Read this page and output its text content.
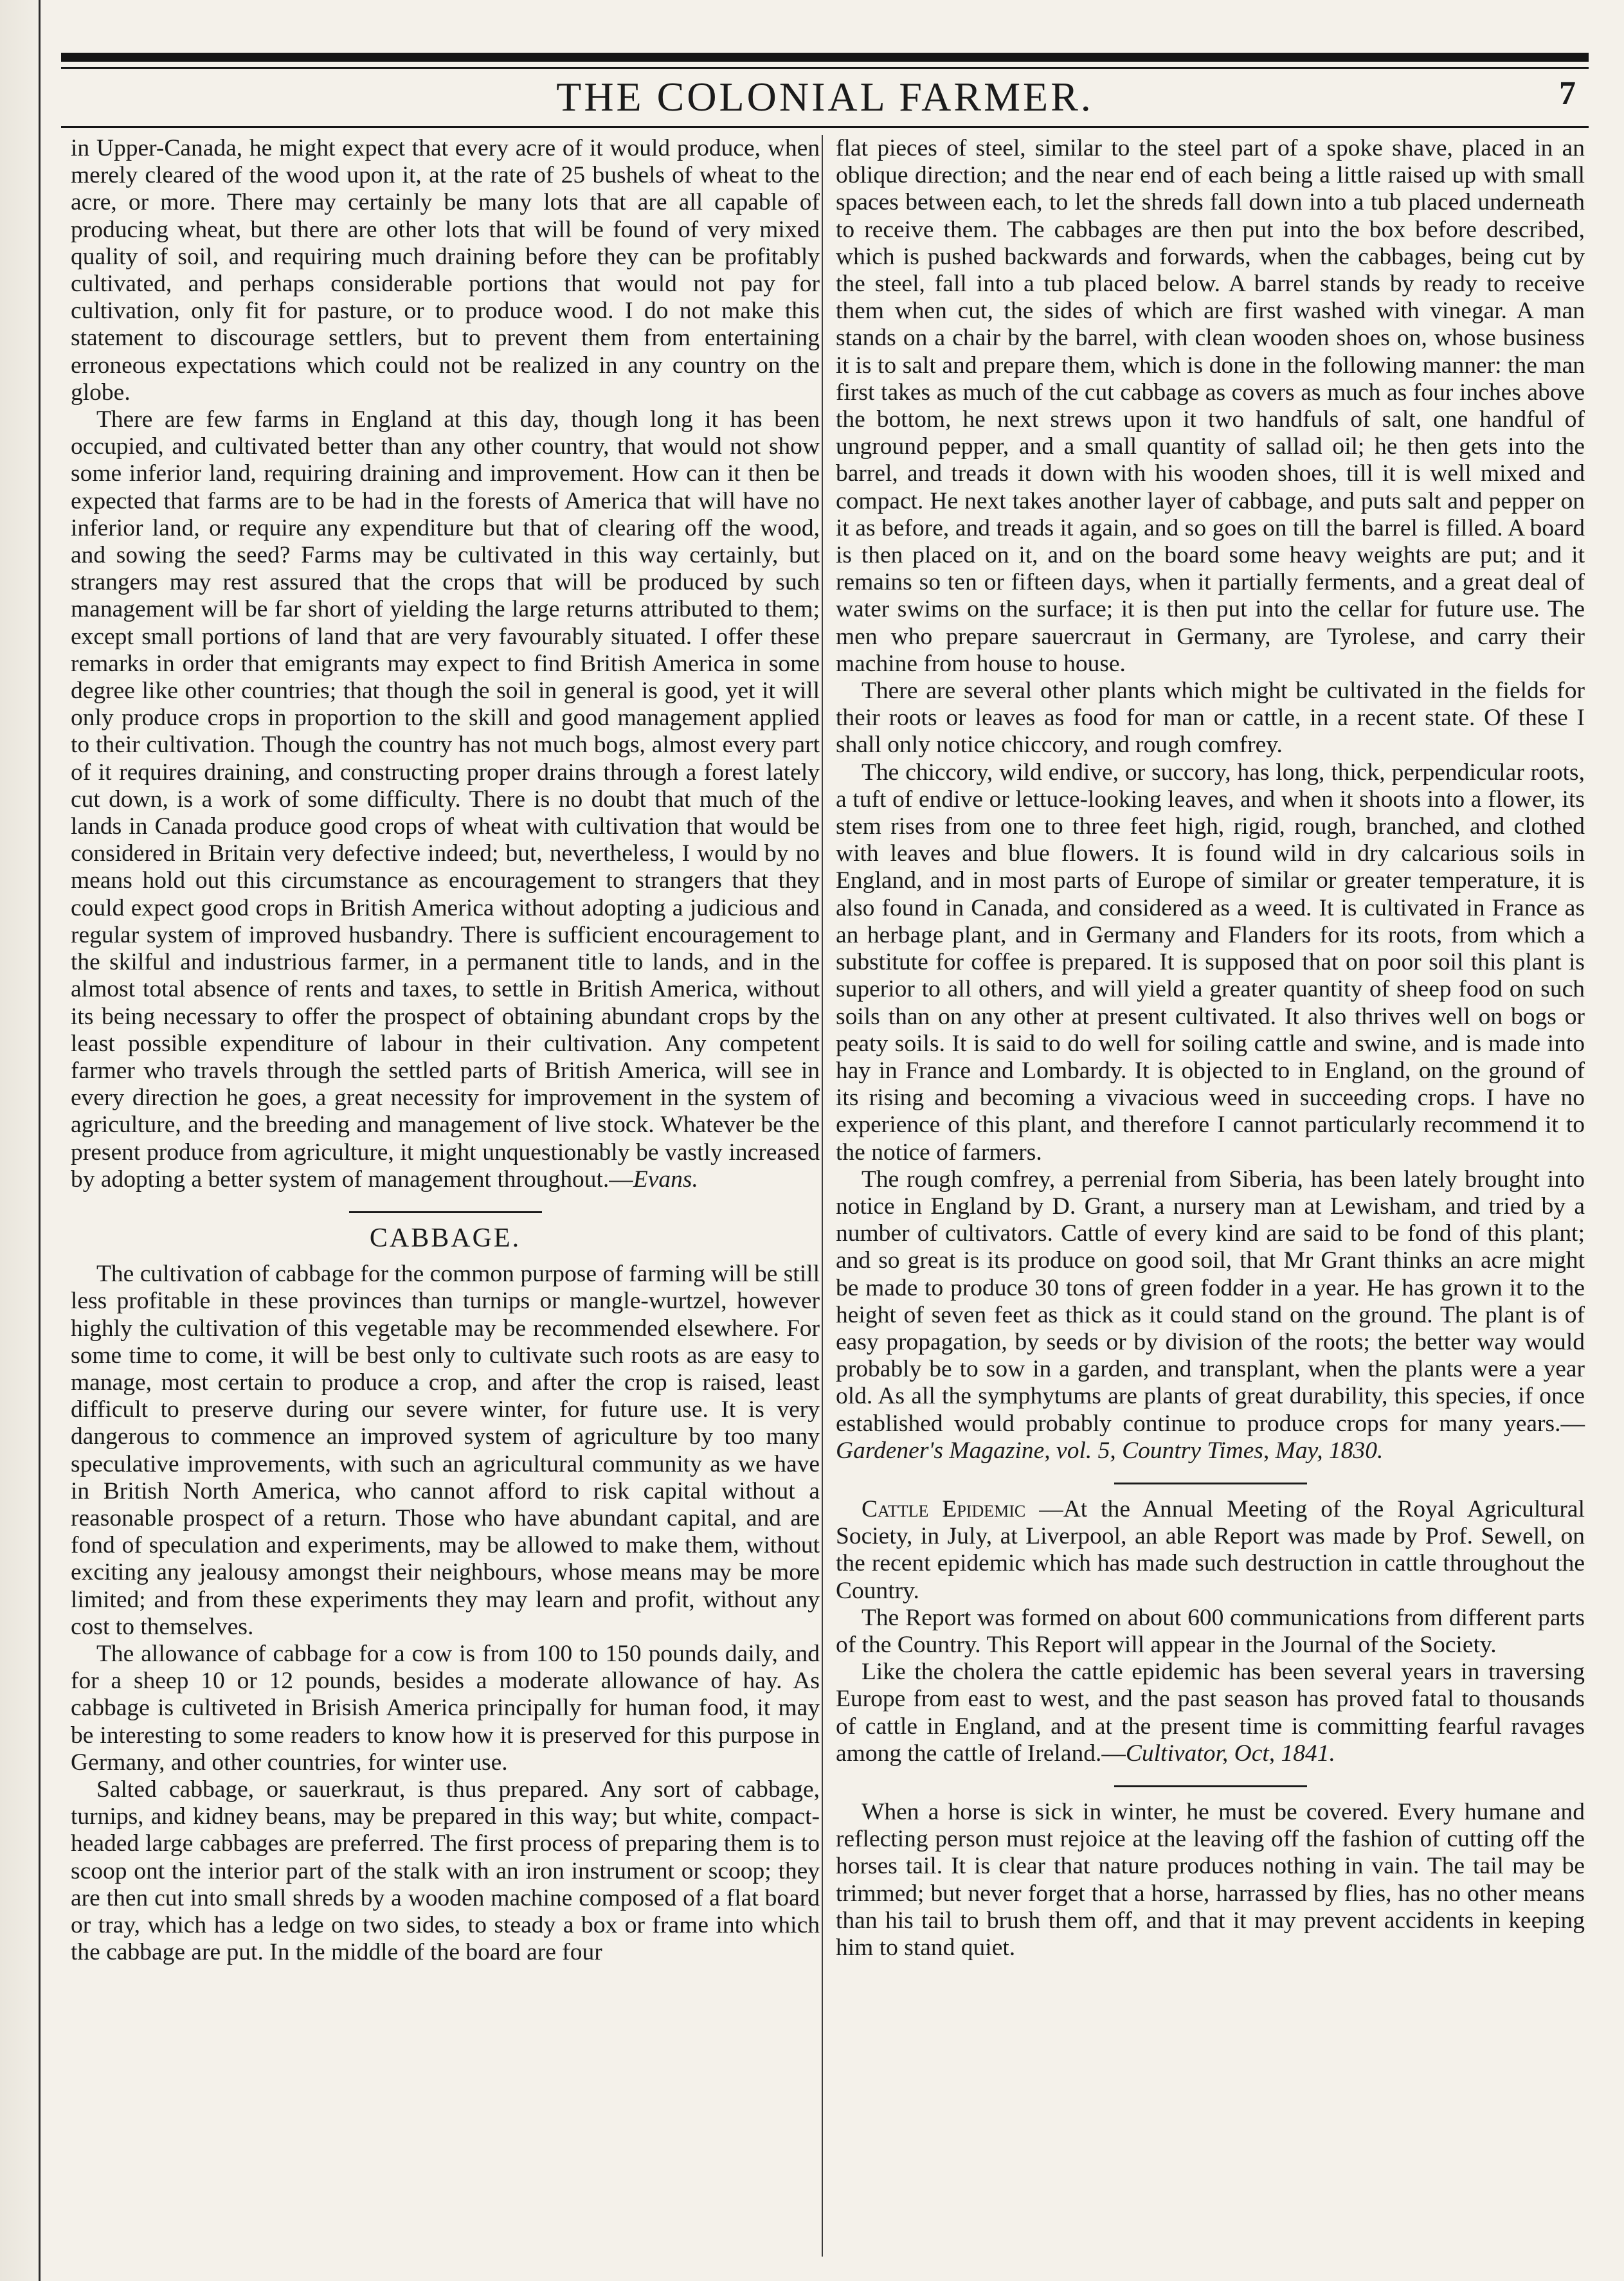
THE COLONIAL FARMER.	7

in Upper-Canada, he might expect that every acre of it would produce, when merely cleared of the wood upon it, at the rate of 25 bushels of wheat to the acre, or more. There may certainly be many lots that are all capable of producing wheat, but there are other lots that will be found of very mixed quality of soil, and requiring much draining before they can be profitably cultivated, and perhaps considerable portions that would not pay for cultivation, only fit for pasture, or to produce wood. I do not make this statement to discourage settlers, but to prevent them from entertaining erroneous expectations which could not be realized in any country on the globe.

There are few farms in England at this day, though long it has been occupied, and cultivated better than any other country, that would not show some inferior land, requiring draining and improvement. How can it then be expected that farms are to be had in the forests of America that will have no inferior land, or require any expenditure but that of clearing off the wood, and sowing the seed? Farms may be cultivated in this way certainly, but strangers may rest assured that the crops that will be produced by such management will be far short of yielding the large returns attributed to them; except small portions of land that are very favourably situated. I offer these remarks in order that emigrants may expect to find British America in some degree like other countries; that though the soil in general is good, yet it will only produce crops in proportion to the skill and good management applied to their cultivation. Though the country has not much bogs, almost every part of it requires draining, and constructing proper drains through a forest lately cut down, is a work of some difficulty. There is no doubt that much of the lands in Canada produce good crops of wheat with cultivation that would be considered in Britain very defective indeed; but, nevertheless, I would by no means hold out this circumstance as encouragement to strangers that they could expect good crops in British America without adopting a judicious and regular system of improved husbandry. There is sufficient encouragement to the skilful and industrious farmer, in a permanent title to lands, and in the almost total absence of rents and taxes, to settle in British America, without its being necessary to offer the prospect of obtaining abundant crops by the least possible expenditure of labour in their cultivation. Any competent farmer who travels through the settled parts of British America, will see in every direction he goes, a great necessity for improvement in the system of agriculture, and the breeding and management of live stock. Whatever be the present produce from agriculture, it might unquestionably be vastly increased by adopting a better system of management throughout.—Evans.

CABBAGE.

The cultivation of cabbage for the common purpose of farming will be still less profitable in these provinces than turnips or mangle-wurtzel, however highly the cultivation of this vegetable may be recommended elsewhere. For some time to come, it will be best only to cultivate such roots as are easy to manage, most certain to produce a crop, and after the crop is raised, least difficult to preserve during our severe winter, for future use. It is very dangerous to commence an improved system of agriculture by too many speculative improvements, with such an agricultural community as we have in British North America, who cannot afford to risk capital without a reasonable prospect of a return. Those who have abundant capital, and are fond of speculation and experiments, may be allowed to make them, without exciting any jealousy amongst their neighbours, whose means may be more limited; and from these experiments they may learn and profit, without any cost to themselves.

The allowance of cabbage for a cow is from 100 to 150 pounds daily, and for a sheep 10 or 12 pounds, besides a moderate allowance of hay. As cabbage is cultiveted in Brisish America principally for human food, it may be interesting to some readers to know how it is preserved for this purpose in Germany, and other countries, for winter use.

Salted cabbage, or sauerkraut, is thus prepared. Any sort of cabbage, turnips, and kidney beans, may be prepared in this way; but white, compact-headed large cabbages are preferred. The first process of preparing them is to scoop ont the interior part of the stalk with an iron instrument or scoop; they are then cut into small shreds by a wooden machine composed of a flat board or tray, which has a ledge on two sides, to steady a box or frame into which the cabbage are put. In the middle of the board are four

flat pieces of steel, similar to the steel part of a spoke shave, placed in an oblique direction; and the near end of each being a little raised up with small spaces between each, to let the shreds fall down into a tub placed underneath to receive them. The cabbages are then put into the box before described, which is pushed backwards and forwards, when the cabbages, being cut by the steel, fall into a tub placed below. A barrel stands by ready to receive them when cut, the sides of which are first washed with vinegar. A man stands on a chair by the barrel, with clean wooden shoes on, whose business it is to salt and prepare them, which is done in the following manner: the man first takes as much of the cut cabbage as covers as much as four inches above the bottom, he next strews upon it two handfuls of salt, one handful of unground pepper, and a small quantity of sallad oil; he then gets into the barrel, and treads it down with his wooden shoes, till it is well mixed and compact. He next takes another layer of cabbage, and puts salt and pepper on it as before, and treads it again, and so goes on till the barrel is filled. A board is then placed on it, and on the board some heavy weights are put; and it remains so ten or fifteen days, when it partially ferments, and a great deal of water swims on the surface; it is then put into the cellar for future use. The men who prepare sauercraut in Germany, are Tyrolese, and carry their machine from house to house.

There are several other plants which might be cultivated in the fields for their roots or leaves as food for man or cattle, in a recent state. Of these I shall only notice chiccory, and rough comfrey.

The chiccory, wild endive, or succory, has long, thick, perpendicular roots, a tuft of endive or lettuce-looking leaves, and when it shoots into a flower, its stem rises from one to three feet high, rigid, rough, branched, and clothed with leaves and blue flowers. It is found wild in dry calcarious soils in England, and in most parts of Europe of similar or greater temperature, it is also found in Canada, and considered as a weed. It is cultivated in France as an herbage plant, and in Germany and Flanders for its roots, from which a substitute for coffee is prepared. It is supposed that on poor soil this plant is superior to all others, and will yield a greater quantity of sheep food on such soils than on any other at present cultivated. It also thrives well on bogs or peaty soils. It is said to do well for soiling cattle and swine, and is made into hay in France and Lombardy. It is objected to in England, on the ground of its rising and becoming a vivacious weed in succeeding crops. I have no experience of this plant, and therefore I cannot particularly recommend it to the notice of farmers.

The rough comfrey, a perrenial from Siberia, has been lately brought into notice in England by D. Grant, a nursery man at Lewisham, and tried by a number of cultivators. Cattle of every kind are said to be fond of this plant; and so great is its produce on good soil, that Mr Grant thinks an acre might be made to produce 30 tons of green fodder in a year. He has grown it to the height of seven feet as thick as it could stand on the ground. The plant is of easy propagation, by seeds or by division of the roots; the better way would probably be to sow in a garden, and transplant, when the plants were a year old. As all the symphytums are plants of great durability, this species, if once established would probably continue to produce crops for many years.—Gardener's Magazine, vol. 5, Country Times, May, 1830.

Cattle Epidemic —At the Annual Meeting of the Royal Agricultural Society, in July, at Liverpool, an able Report was made by Prof. Sewell, on the recent epidemic which has made such destruction in cattle throughout the Country.

The Report was formed on about 600 communications from different parts of the Country. This Report will appear in the Journal of the Society.

Like the cholera the cattle epidemic has been several years in traversing Europe from east to west, and the past season has proved fatal to thousands of cattle in England, and at the present time is committing fearful ravages among the cattle of Ireland.—Cultivator, Oct, 1841.

When a horse is sick in winter, he must be covered. Every humane and reflecting person must rejoice at the leaving off the fashion of cutting off the horses tail. It is clear that nature produces nothing in vain. The tail may be trimmed; but never forget that a horse, harrassed by flies, has no other means than his tail to brush them off, and that it may prevent accidents in keeping him to stand quiet.
